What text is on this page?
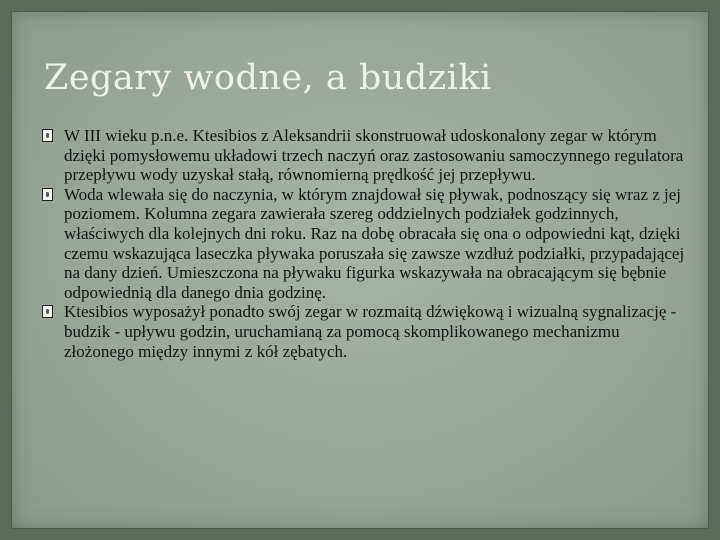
Zegary wodne, a budziki
W III wieku p.n.e. Ktesibios z Aleksandrii skonstruował udoskonalony zegar w którym dzięki pomysłowemu układowi trzech naczyń oraz zastosowaniu samoczynnego regulatora przepływu wody uzyskał stałą, równomierną prędkość jej przepływu.
Woda wlewała się do naczynia, w którym znajdował się pływak, podnoszący się wraz z jej poziomem. Kolumna zegara zawierała szereg oddzielnych podziałek godzinnych, właściwych dla kolejnych dni roku. Raz na dobę obracała się ona o odpowiedni kąt, dzięki czemu wskazująca laseczka pływaka poruszała się zawsze wzdłuż podziałki, przypadającej na dany dzień. Umieszczona na pływaku figurka wskazywała na obracającym się bębnie odpowiednią dla danego dnia godzinę.
Ktesibios wyposażył ponadto swój zegar w rozmaitą dźwiękową i wizualną sygnalizację - budzik - upływu godzin, uruchamianą za pomocą skomplikowanego mechanizmu złożonego między innymi z kół zębatych.
